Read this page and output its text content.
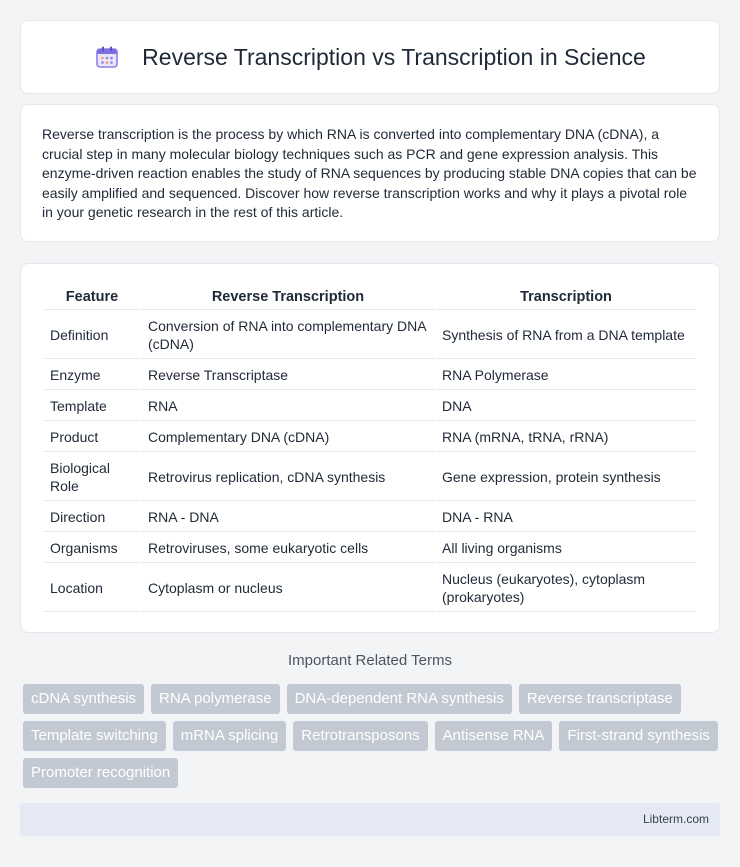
Reverse Transcription vs Transcription in Science

Reverse transcription is the process by which RNA is converted into complementary DNA (cDNA), a crucial step in many molecular biology techniques such as PCR and gene expression analysis. This enzyme-driven reaction enables the study of RNA sequences by producing stable DNA copies that can be easily amplified and sequenced. Discover how reverse transcription works and why it plays a pivotal role in your genetic research in the rest of this article.

Feature	Reverse Transcription	Transcription
Definition	Conversion of RNA into complementary DNA (cDNA)	Synthesis of RNA from a DNA template
Enzyme	Reverse Transcriptase	RNA Polymerase
Template	RNA	DNA
Product	Complementary DNA (cDNA)	RNA (mRNA, tRNA, rRNA)
Biological Role	Retrovirus replication, cDNA synthesis	Gene expression, protein synthesis
Direction	RNA - DNA	DNA - RNA
Organisms	Retroviruses, some eukaryotic cells	All living organisms
Location	Cytoplasm or nucleus	Nucleus (eukaryotes), cytoplasm (prokaryotes)
Important Related Terms
cDNA synthesis	RNA polymerase	DNA-dependent RNA synthesis	Reverse transcriptase
Template switching	mRNA splicing	Retrotransposons	Antisense RNA	First-strand synthesis
Promoter recognition
Libterm.com
